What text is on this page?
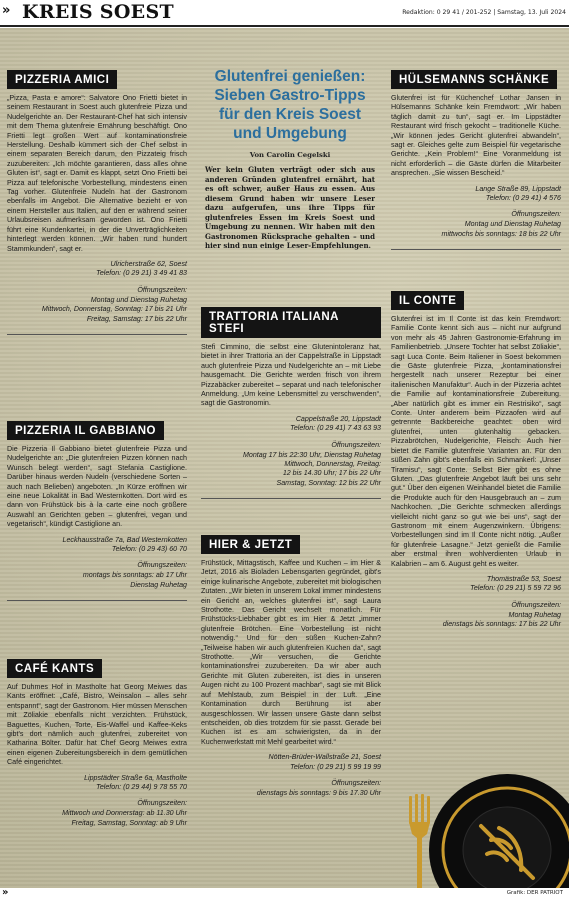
» KREIS SOEST	Redaktion: 0 29 41 / 201-252 | Samstag, 13. Juli 2024
Glutenfrei genießen: Sieben Gastro-Tipps für den Kreis Soest und Umgebung
Von Carolin Cegelski
Wer kein Gluten verträgt oder sich aus anderen Gründen glutenfrei ernährt, hat es oft schwer, außer Haus zu essen. Aus diesem Grund haben wir unsere Leser dazu aufgerufen, uns ihre Tipps für glutenfreies Essen im Kreis Soest und Umgebung zu nennen. Wir haben mit den Gastronomen Rücksprache gehalten – und hier sind nun einige Leser-Empfehlungen.
PIZZERIA AMICI
„Pizza, Pasta e amore“: Salvatore Ono Frietti bietet in seinem Restaurant in Soest auch glutenfreie Pizza und Nudelgerichte an. Der Restaurant-Chef hat sich intensiv mit dem Thema glutenfreie Ernährung beschäftigt. Ono Frietti legt großen Wert auf kontaminationsfreie Herstellung. Deshalb kümmert sich der Chef selbst in einem separaten Bereich darum, den Pizzateig frisch zuzubereiten: „Ich möchte garantieren, dass alles ohne Gluten ist“, sagt er. Damit es klappt, setzt Ono Frietti bei Pizza auf telefonische Vorbestellung, mindestens einen Tag vorher. Glutenfreie Nudeln hat der Gastronom ebenfalls im Angebot. Die Alternative bezieht er von einem Hersteller aus Italien, auf den er während seiner Urlaubsreisen aufmerksam geworden ist. Ono Frietti führt eine Kundenkartei, in der die Unverträglichkeiten hinterlegt werden können. „Wir haben rund hundert Stammkunden“, sagt er.
Ulricherstraße 62, Soest
Telefon: (0 29 21) 3 49 41 83
Öffnungszeiten:
Montag und Dienstag Ruhetag
Mittwoch, Donnerstag, Sonntag: 17 bis 21 Uhr
Freitag, Samstag: 17 bis 22 Uhr
PIZZERIA IL GABBIANO
Die Pizzeria Il Gabbiano bietet glutenfreie Pizza und Nudelgerichte an: „Die glutenfreien Pizzen können nach Wunsch belegt werden“, sagt Stefania Castiglione. Darüber hinaus werden Nudeln (verschiedene Sorten – auch nach Belieben) angeboten. „In Kürze eröffnen wir eine neue Lokalität in Bad Westernkotten. Dort wird es dann von Frühstück bis à la carte eine noch größere Auswahl an Gerichten geben – glutenfrei, vegan und vegetarisch“, kündigt Castiglione an.
Leckhausstraße 7a, Bad Westernkotten
Telefon: (0 29 43) 60 70
Öffnungszeiten:
montags bis sonntags: ab 17 Uhr
Dienstag Ruhetag
CAFÉ KANTS
Auf Duhmes Hof in Mastholte hat Georg Meiwes das Kants eröffnet: „Café, Bistro, Weinsalon – alles sehr entspannt“, sagt der Gastronom. Hier müssen Menschen mit Zöliakie ebenfalls nicht verzichten. Frühstück, Baguettes, Kuchen, Torte, Eis-Waffel und Kaffee-Keks gibt's dort nämlich auch glutenfrei, zubereitet von Katharina Bölter. Dafür hat Chef Georg Meiwes extra einen eigenen Zubereitungsbereich in dem gemütlichen Café eingerichtet.
Lippstädter Straße 6a, Mastholte
Telefon: (0 29 44) 9 78 55 70
Öffnungszeiten:
Mittwoch und Donnerstag: ab 11.30 Uhr
Freitag, Samstag, Sonntag: ab 9 Uhr
TRATTORIA ITALIANA STEFI
Stefi Cimmino, die selbst eine Glutenintoleranz hat, bietet in ihrer Trattoria an der Cappelstraße in Lippstadt auch glutenfreie Pizza und Nudelgerichte an – mit Liebe hausgemacht. Die Gerichte werden frisch von ihrem Pizzabäcker zubereitet – separat und nach telefonischer Anmeldung. „Um keine Lebensmittel zu verschwenden“, sagt die Gastronomin.
Cappelstraße 20, Lippstadt
Telefon: (0 29 41) 7 43 63 93
Öffnungszeiten:
Montag 17 bis 22:30 Uhr, Dienstag Ruhetag
Mittwoch, Donnerstag, Freitag:
12 bis 14.30 Uhr; 17 bis 22 Uhr
Samstag, Sonntag: 12 bis 22 Uhr
HIER & JETZT
Frühstück, Mittagstisch, Kaffee und Kuchen – im Hier & Jetzt, 2016 als Bioladen Lebensgarten gegründet, gibt's einige kulinarische Angebote, zubereitet mit biologischen Zutaten. „Wir bieten in unserem Lokal immer mindestens ein Gericht an, welches glutenfrei ist“, sagt Laura Strothotte. Das Gericht wechselt monatlich. Für Frühstücks-Liebhaber gibt es im Hier & Jetzt „immer glutenfreie Brötchen. Eine Vorbestellung ist nicht notwendig.“ Und für den süßen Kuchen-Zahn? „Teilweise haben wir auch glutenfreien Kuchen da“, sagt Strothotte. „Wir versuchen, die Gerichte kontaminationsfrei zuzubereiten. Da wir aber auch Gerichte mit Gluten zubereiten, ist dies in unseren Augen nicht zu 100 Prozent machbar“, sagt sie mit Blick auf Mehlstaub, zum Beispiel in der Luft. „Eine Kontamination durch Berührung ist aber ausgeschlossen. Wir lassen unsere Gäste dann selbst entscheiden, ob dies trotzdem für sie passt. Gerade bei Kuchen ist es am schwierigsten, da in der Kuchenwerkstatt mit Mehl gearbeitet wird.“
Nötten-Brüder-Wallstraße 21, Soest
Telefon: (0 29 21) 5 99 19 99
Öffnungszeiten:
dienstags bis sonntags: 9 bis 17.30 Uhr
HÜLSEMANNS SCHÄNKE
Glutenfrei ist für Küchenchef Lothar Jansen in Hülsemanns Schänke kein Fremdwort: „Wir haben täglich damit zu tun“, sagt er. Im Lippstädter Restaurant wird frisch gekocht – traditionelle Küche. „Wir können jedes Gericht glutenfrei abwandeln“, sagt er. Gleiches gelte zum Beispiel für vegetarische Gerichte. „Kein Problem!“ Eine Voranmeldung ist nicht erforderlich – die Gäste dürfen die Mitarbeiter ansprechen. „Sie wissen Bescheid.“
Lange Straße 89, Lippstadt
Telefon: (0 29 41) 4 576
Öffnungszeiten:
Montag und Dienstag Ruhetag
mittwochs bis sonntags: 18 bis 22 Uhr
IL CONTE
Glutenfrei ist im Il Conte ist das kein Fremdwort: Familie Conte kennt sich aus – nicht nur aufgrund von mehr als 45 Jahren Gastronomie-Erfahrung im Familienbetrieb. „Unsere Tochter hat selbst Zöliakie“, sagt Luca Conte. Beim Italiener in Soest bekommen die Gäste glutenfreie Pizza, „kontaminationsfrei hergestellt nach unserer Rezeptur bei einer italienischen Manufaktur“. Auch in der Pizzeria achtet die Familie auf kontaminationsfreie Zubereitung. „Aber natürlich gibt es immer ein Restrisiko“, sagt Conte. Unter anderem beim Pizzaofen wird auf getrennte Backbereiche geachtet: oben wird glutenfrei, unten glutenhaltig gebacken. Pizzabrötchen, Nudelgerichte, Fleisch: Auch hier bietet die Familie glutenfreie Varianten an. Für den süßen Zahn gibt's ebenfalls ein Schmankerl: „Unser Tiramisu“, sagt Conte. Selbst Bier gibt es ohne Gluten. „Das glutenfreie Angebot läuft bei uns sehr gut.“ Über den eigenen Weinhandel bietet die Familie die Produkte auch für den Hausgebrauch an – zum Nachkochen. „Die Gerichte schmecken allerdings vielleicht nicht ganz so gut wie bei uns“, sagt der Gastronom mit einem Augenzwinkern. Übrigens: Vorbestellungen sind im Il Conte nicht nötig. „Außer für glutenfreie Lasagne.“ Jetzt genießt die Familie aber erstmal ihren wohlverdienten Urlaub in Kalabrien – am 6. August geht es weiter.
Thomästraße 53, Soest
Telefon: (0 29 21) 5 59 72 96
Öffnungszeiten:
Montag Ruhetag
dienstags bis sonntags: 17 bis 22 Uhr
»	Grafik: DER PATRIOT
